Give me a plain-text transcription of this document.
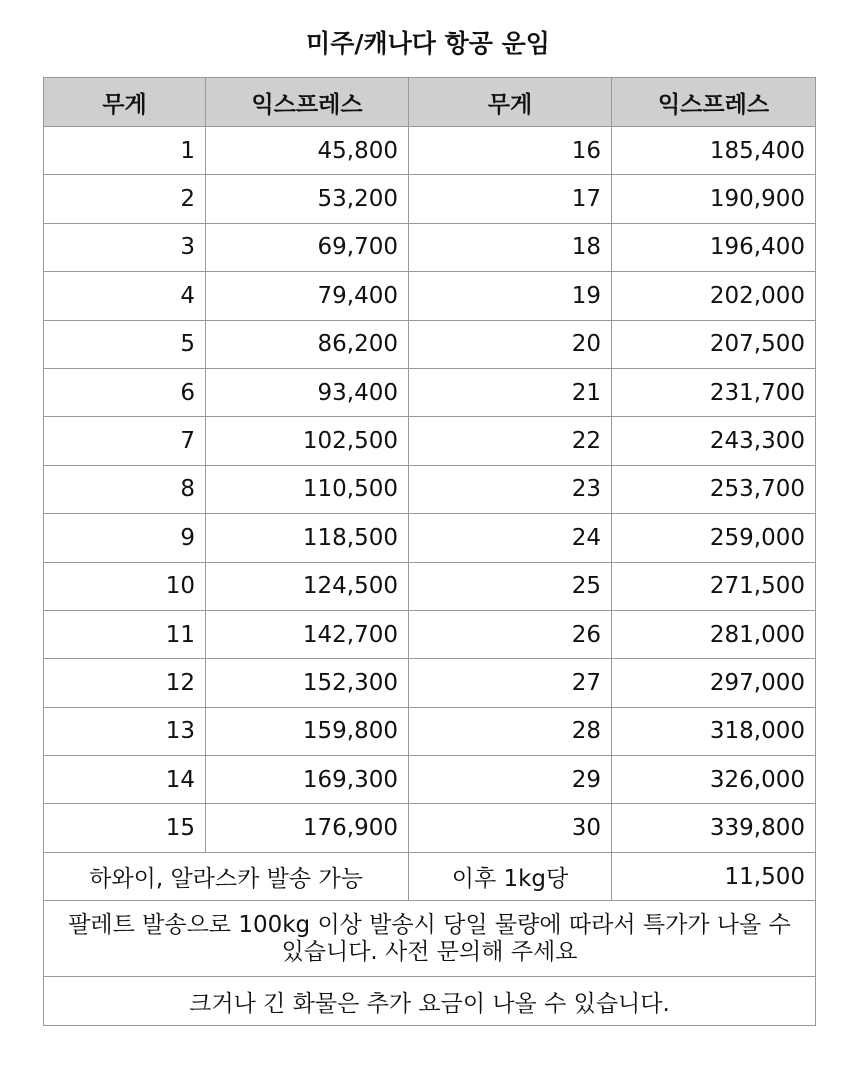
미주/캐나다 항공 운임
무게	익스프레스	무게	익스프레스
1	45,800	16	185,400
2	53,200	17	190,900
3	69,700	18	196,400
4	79,400	19	202,000
5	86,200	20	207,500
6	93,400	21	231,700
7	102,500	22	243,300
8	110,500	23	253,700
9	118,500	24	259,000
10	124,500	25	271,500
11	142,700	26	281,000
12	152,300	27	297,000
13	159,800	28	318,000
14	169,300	29	326,000
15	176,900	30	339,800
하와이, 알라스카 발송 가능		이후 1kg당	11,500
팔레트 발송으로 100kg 이상 발송시 당일 물량에 따라서 특가가 나올 수 있습니다. 사전 문의해 주세요			
크거나 긴 화물은 추가 요금이 나올 수 있습니다.			
